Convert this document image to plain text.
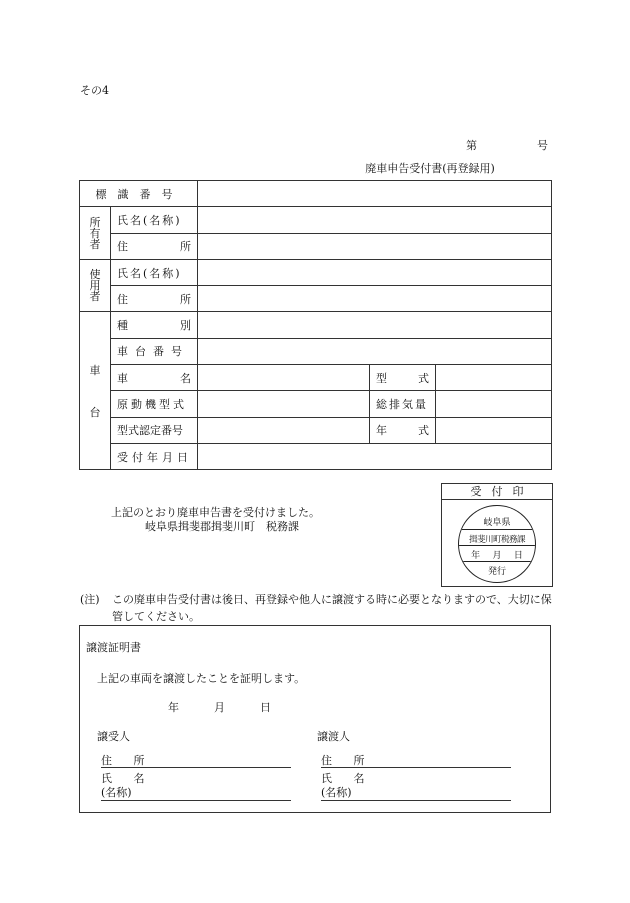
その4
第	号
廃車申告受付書(再登録用)
標識番号				
所有者	氏名(名称)			

	住 所			

使用者	氏名(名称)			

	住 所			

車
台	種 別			

	車台番号			

	車 名		型 式	

	原動機型式		総排気量	

	型式認定番号		年 式	

	受付年月日			

上記のとおり廃車申告書を受付けました。
岐阜県揖斐郡揖斐川町　税務課
受付印
岐阜県
揖斐川町税務課
年 月 日
発行
(注) この廃車申告受付書は後日、再登録や他人に譲渡する時に必要となりますので、大切に保管してください。
譲渡証明書
上記の車両を譲渡したことを証明します。
年	月	日
譲受人
住 所
氏 名
(名称)
譲渡人
住 所
氏 名
(名称)
